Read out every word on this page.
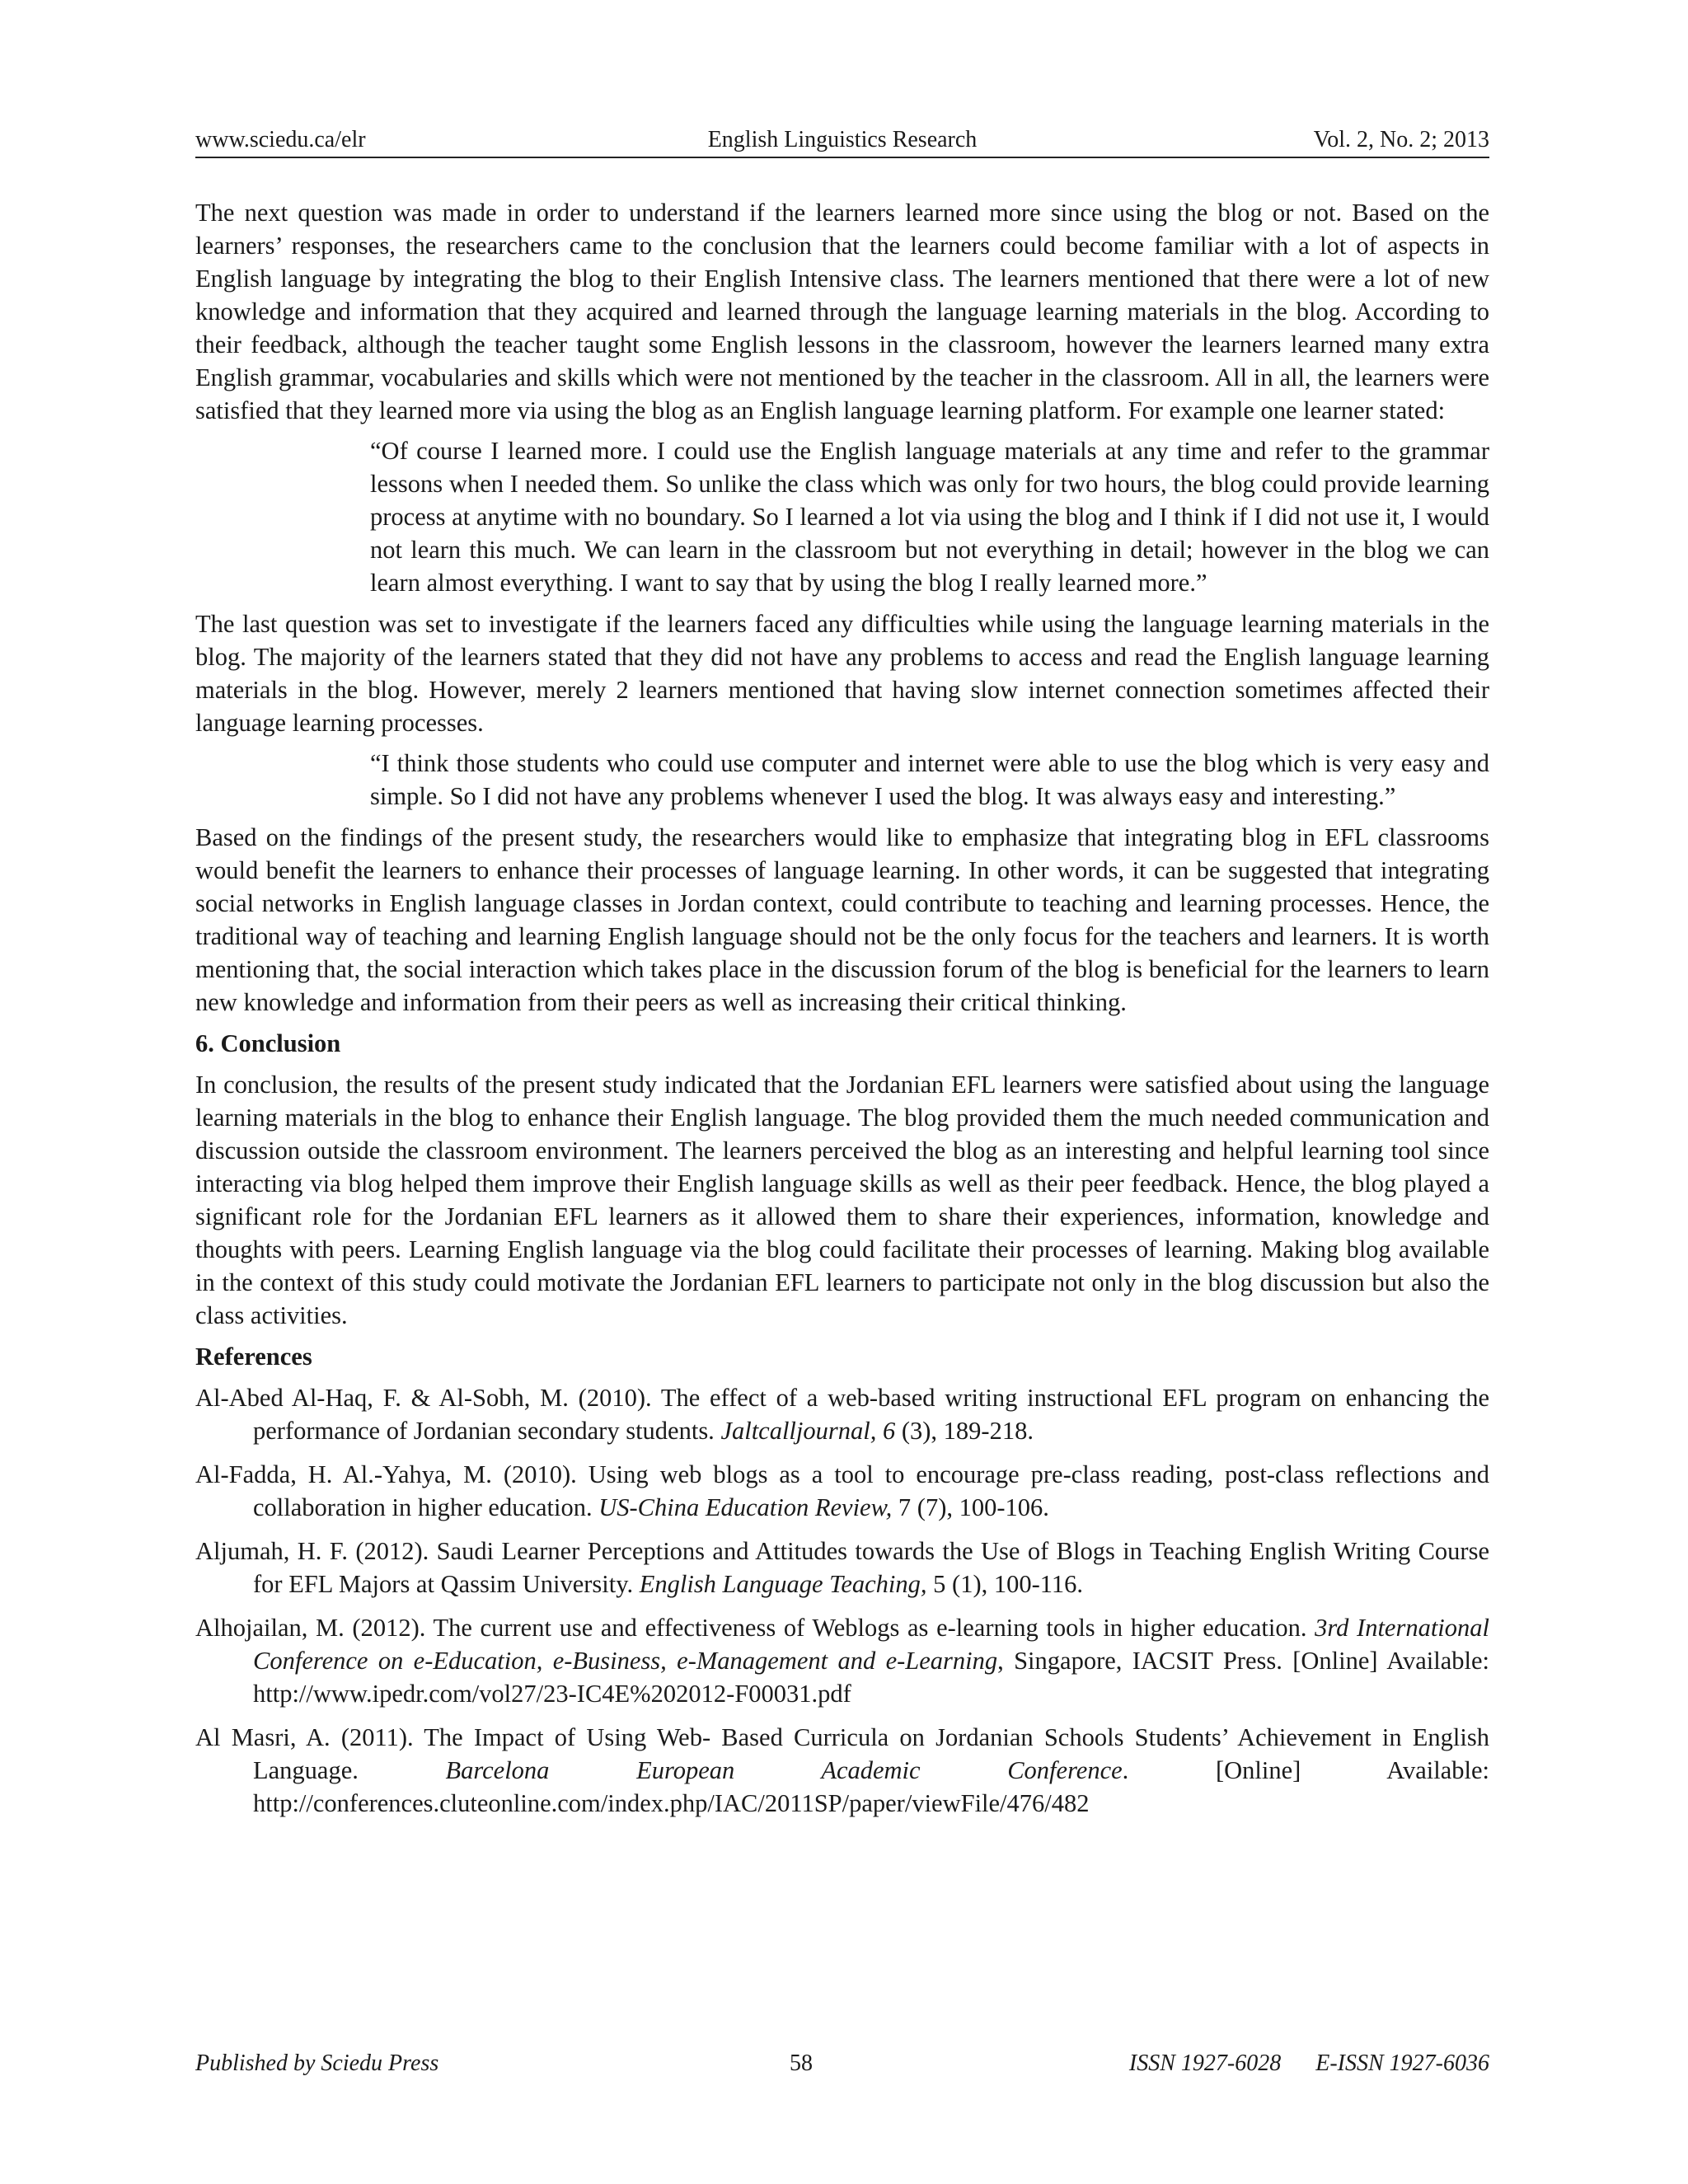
www.sciedu.ca/elr	English Linguistics Research	Vol. 2, No. 2; 2013

The next question was made in order to understand if the learners learned more since using the blog or not. Based on the learners’ responses, the researchers came to the conclusion that the learners could become familiar with a lot of aspects in English language by integrating the blog to their English Intensive class. The learners mentioned that there were a lot of new knowledge and information that they acquired and learned through the language learning materials in the blog. According to their feedback, although the teacher taught some English lessons in the classroom, however the learners learned many extra English grammar, vocabularies and skills which were not mentioned by the teacher in the classroom. All in all, the learners were satisfied that they learned more via using the blog as an English language learning platform. For example one learner stated:

“Of course I learned more. I could use the English language materials at any time and refer to the grammar lessons when I needed them. So unlike the class which was only for two hours, the blog could provide learning process at anytime with no boundary. So I learned a lot via using the blog and I think if I did not use it, I would not learn this much. We can learn in the classroom but not everything in detail; however in the blog we can learn almost everything. I want to say that by using the blog I really learned more.”

The last question was set to investigate if the learners faced any difficulties while using the language learning materials in the blog. The majority of the learners stated that they did not have any problems to access and read the English language learning materials in the blog. However, merely 2 learners mentioned that having slow internet connection sometimes affected their language learning processes.

“I think those students who could use computer and internet were able to use the blog which is very easy and simple. So I did not have any problems whenever I used the blog. It was always easy and interesting.”

Based on the findings of the present study, the researchers would like to emphasize that integrating blog in EFL classrooms would benefit the learners to enhance their processes of language learning. In other words, it can be suggested that integrating social networks in English language classes in Jordan context, could contribute to teaching and learning processes. Hence, the traditional way of teaching and learning English language should not be the only focus for the teachers and learners. It is worth mentioning that, the social interaction which takes place in the discussion forum of the blog is beneficial for the learners to learn new knowledge and information from their peers as well as increasing their critical thinking.

6. Conclusion

In conclusion, the results of the present study indicated that the Jordanian EFL learners were satisfied about using the language learning materials in the blog to enhance their English language. The blog provided them the much needed communication and discussion outside the classroom environment. The learners perceived the blog as an interesting and helpful learning tool since interacting via blog helped them improve their English language skills as well as their peer feedback. Hence, the blog played a significant role for the Jordanian EFL learners as it allowed them to share their experiences, information, knowledge and thoughts with peers. Learning English language via the blog could facilitate their processes of learning. Making blog available in the context of this study could motivate the Jordanian EFL learners to participate not only in the blog discussion but also the class activities.

References

Al-Abed Al-Haq, F. & Al-Sobh, M. (2010). The effect of a web-based writing instructional EFL program on enhancing the performance of Jordanian secondary students. Jaltcalljournal, 6 (3), 189-218.

Al-Fadda, H. Al.-Yahya, M. (2010). Using web blogs as a tool to encourage pre-class reading, post-class reflections and collaboration in higher education. US-China Education Review, 7 (7), 100-106.

Aljumah, H. F. (2012). Saudi Learner Perceptions and Attitudes towards the Use of Blogs in Teaching English Writing Course for EFL Majors at Qassim University. English Language Teaching, 5 (1), 100-116.

Alhojailan, M. (2012). The current use and effectiveness of Weblogs as e-learning tools in higher education. 3rd International Conference on e-Education, e-Business, e-Management and e-Learning, Singapore, IACSIT Press. [Online] Available: http://www.ipedr.com/vol27/23-IC4E%202012-F00031.pdf

Al Masri, A. (2011). The Impact of Using Web- Based Curricula on Jordanian Schools Students’ Achievement in English Language. Barcelona European Academic Conference. [Online] Available: http://conferences.cluteonline.com/index.php/IAC/2011SP/paper/viewFile/476/482

Published by Sciedu Press	58	ISSN 1927-6028      E-ISSN 1927-6036
